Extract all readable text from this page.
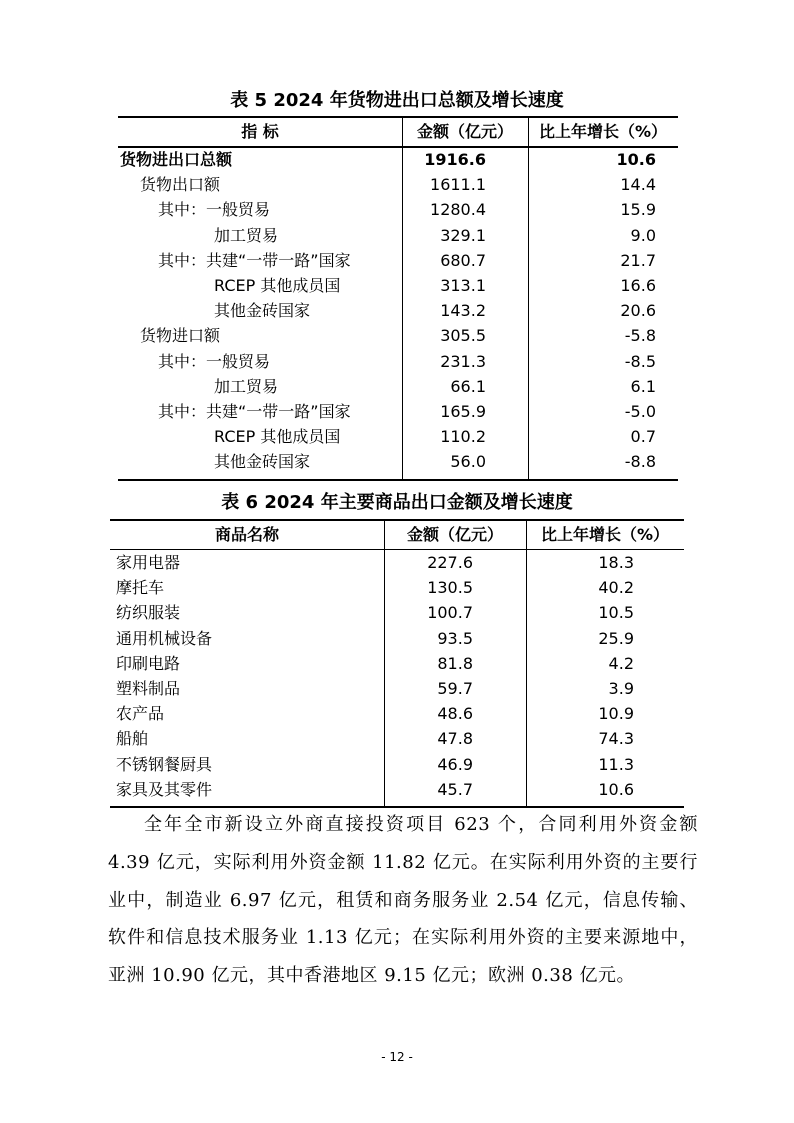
表 5 2024 年货物进出口总额及增长速度
指 标	金额（亿元）	比上年增长（%）
货物进出口总额	1916.6	10.6
货物出口额	1611.1	14.4
其中：一般贸易	1280.4	15.9
加工贸易	329.1	9.0
其中：共建“一带一路”国家	680.7	21.7
RCEP 其他成员国	313.1	16.6
其他金砖国家	143.2	20.6
货物进口额	305.5	-5.8
其中：一般贸易	231.3	-8.5
加工贸易	66.1	6.1
其中：共建“一带一路”国家	165.9	-5.0
RCEP 其他成员国	110.2	0.7
其他金砖国家	56.0	-8.8
表 6 2024 年主要商品出口金额及增长速度
商品名称	金额（亿元）	比上年增长（%）
家用电器	227.6	18.3
摩托车	130.5	40.2
纺织服装	100.7	10.5
通用机械设备	93.5	25.9
印刷电路	81.8	4.2
塑料制品	59.7	3.9
农产品	48.6	10.9
船舶	47.8	74.3
不锈钢餐厨具	46.9	11.3
家具及其零件	45.7	10.6
全年全市新设立外商直接投资项目 623 个，合同利用外资金额 4.39 亿元，实际利用外资金额 11.82 亿元。在实际利用外资的主要行业中，制造业 6.97 亿元，租赁和商务服务业 2.54 亿元，信息传输、软件和信息技术服务业 1.13 亿元；在实际利用外资的主要来源地中，亚洲 10.90 亿元，其中香港地区 9.15 亿元；欧洲 0.38 亿元。
- 12 -
